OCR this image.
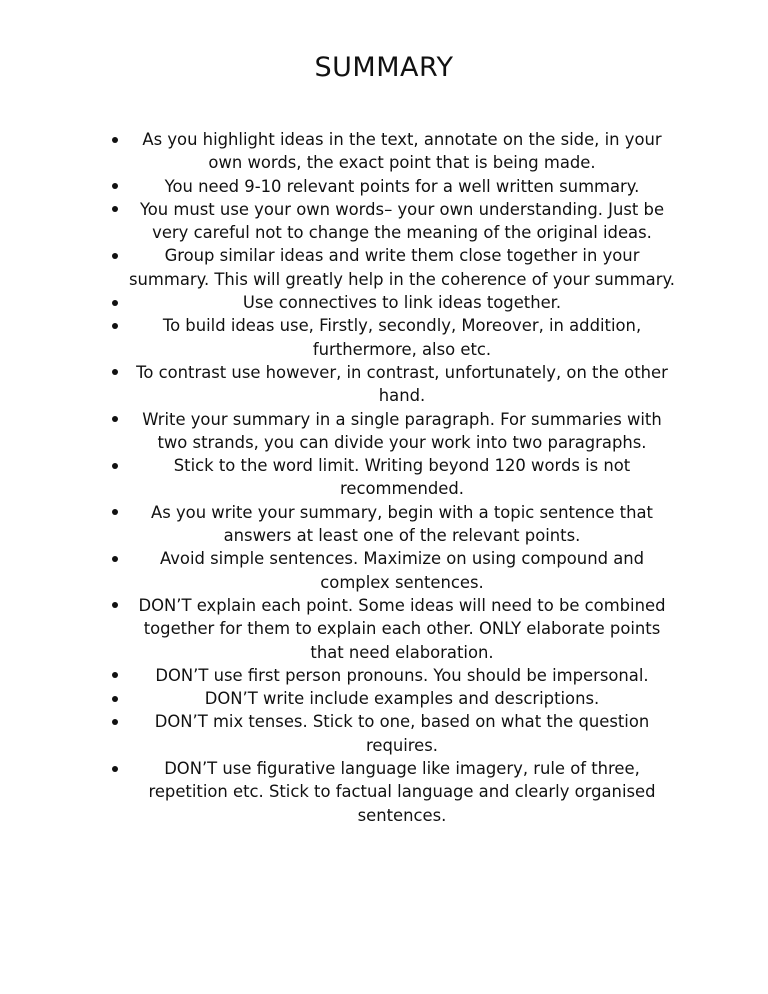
SUMMARY
As you highlight ideas in the text, annotate on the side, in your own words, the exact point that is being made.
You need 9-10 relevant points for a well written summary.
You must use your own words– your own understanding. Just be very careful not to change the meaning of the original ideas.
Group similar ideas and write them close together in your summary. This will greatly help in the coherence of your summary.
Use connectives to link ideas together.
To build ideas use, Firstly, secondly, Moreover, in addition, furthermore, also etc.
To contrast use however, in contrast, unfortunately, on the other hand.
Write your summary in a single paragraph. For summaries with two strands, you can divide your work into two paragraphs.
Stick to the word limit. Writing beyond 120 words is not recommended.
As you write your summary, begin with a topic sentence that answers at least one of the relevant points.
Avoid simple sentences. Maximize on using compound and complex sentences.
DON’T explain each point. Some ideas will need to be combined together for them to explain each other. ONLY elaborate points that need elaboration.
DON’T use first person pronouns. You should be impersonal.
DON’T write include examples and descriptions.
DON’T mix tenses. Stick to one, based on what the question requires.
DON’T use figurative language like imagery, rule of three, repetition etc. Stick to factual language and clearly organised sentences.
